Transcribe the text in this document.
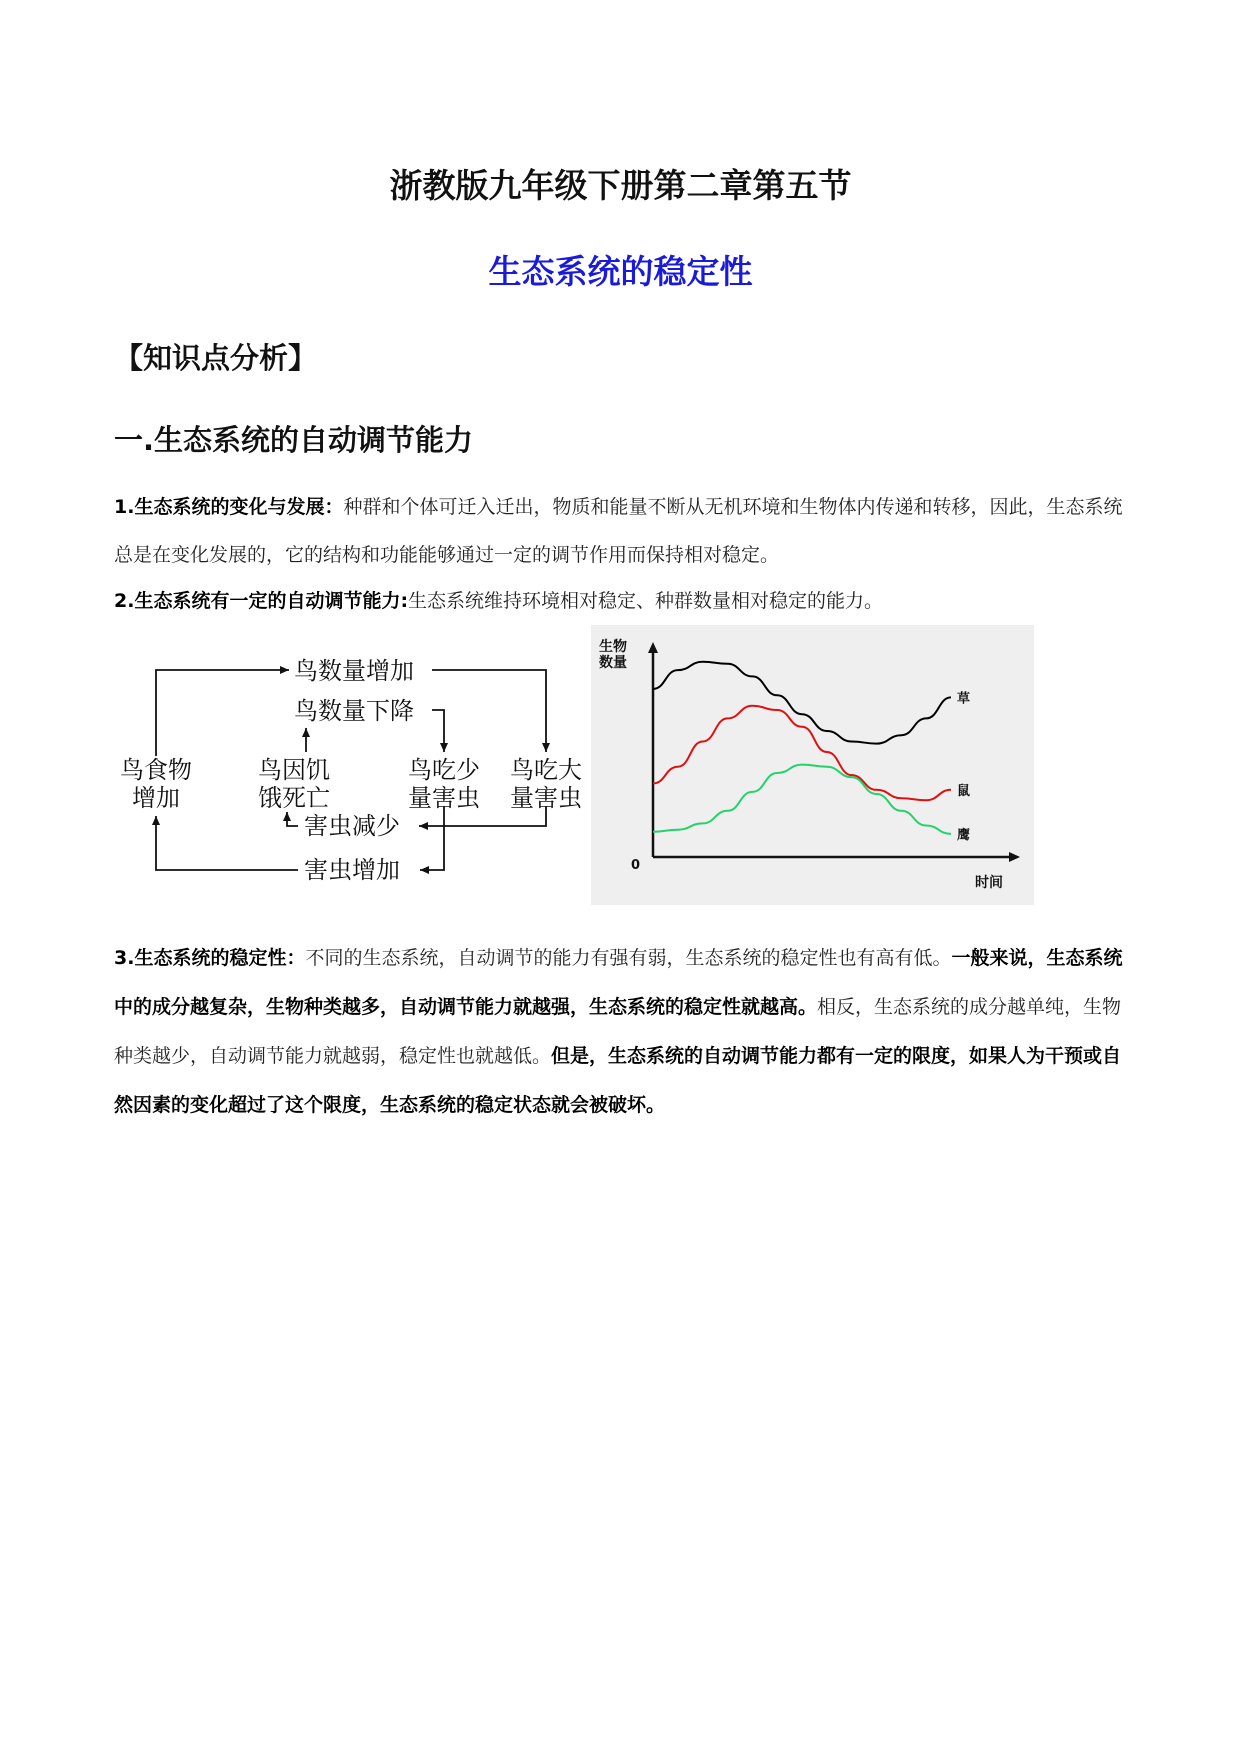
浙教版九年级下册第二章第五节
生态系统的稳定性
【知识点分析】
一.生态系统的自动调节能力

1.生态系统的变化与发展：种群和个体可迁入迁出，物质和能量不断从无机环境和生物体内传递和转移，因此，生态系统总是在变化发展的，它的结构和功能能够通过一定的调节作用而保持相对稳定。

2.生态系统有一定的自动调节能力:生态系统维持环境相对稳定、种群数量相对稳定的能力。

鸟数量增加
鸟数量下降
鸟食物
增加
鸟因饥
饿死亡
鸟吃少
量害虫
鸟吃大
量害虫
害虫减少
害虫增加
生物
数量
时间
0
草
鼠
鹰

3.生态系统的稳定性：不同的生态系统，自动调节的能力有强有弱，生态系统的稳定性也有高有低。一般来说，生态系统中的成分越复杂，生物种类越多，自动调节能力就越强，生态系统的稳定性就越高。相反，生态系统的成分越单纯，生物种类越少，自动调节能力就越弱，稳定性也就越低。但是，生态系统的自动调节能力都有一定的限度，如果人为干预或自然因素的变化超过了这个限度，生态系统的稳定状态就会被破坏。
